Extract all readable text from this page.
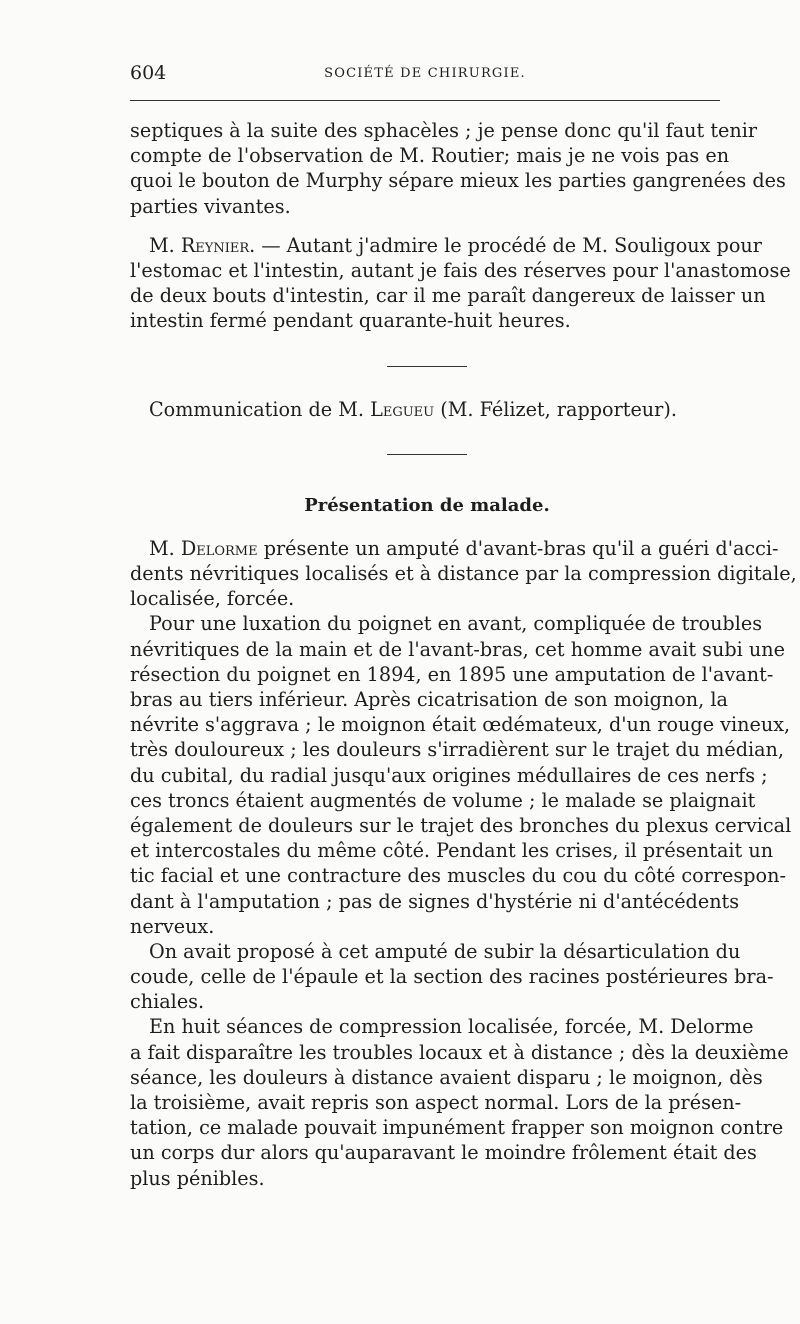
604	SOCIÉTÉ DE CHIRURGIE.
septiques à la suite des sphacèles ; je pense donc qu'il faut tenir
compte de l'observation de M. Routier; mais je ne vois pas en
quoi le bouton de Murphy sépare mieux les parties gangrenées des
parties vivantes.
M. Reynier. — Autant j'admire le procédé de M. Souligoux pour
l'estomac et l'intestin, autant je fais des réserves pour l'anastomose
de deux bouts d'intestin, car il me paraît dangereux de laisser un
intestin fermé pendant quarante-huit heures.
Communication de M. Legueu (M. Félizet, rapporteur).
Présentation de malade.
M. Delorme présente un amputé d'avant-bras qu'il a guéri d'acci-
dents névritiques localisés et à distance par la compression digitale,
localisée, forcée.
Pour une luxation du poignet en avant, compliquée de troubles
névritiques de la main et de l'avant-bras, cet homme avait subi une
résection du poignet en 1894, en 1895 une amputation de l'avant-
bras au tiers inférieur. Après cicatrisation de son moignon, la
névrite s'aggrava ; le moignon était œdémateux, d'un rouge vineux,
très douloureux ; les douleurs s'irradièrent sur le trajet du médian,
du cubital, du radial jusqu'aux origines médullaires de ces nerfs ;
ces troncs étaient augmentés de volume ; le malade se plaignait
également de douleurs sur le trajet des bronches du plexus cervical
et intercostales du même côté. Pendant les crises, il présentait un
tic facial et une contracture des muscles du cou du côté correspon-
dant à l'amputation ; pas de signes d'hystérie ni d'antécédents
nerveux.
On avait proposé à cet amputé de subir la désarticulation du
coude, celle de l'épaule et la section des racines postérieures bra-
chiales.
En huit séances de compression localisée, forcée, M. Delorme
a fait disparaître les troubles locaux et à distance ; dès la deuxième
séance, les douleurs à distance avaient disparu ; le moignon, dès
la troisième, avait repris son aspect normal. Lors de la présen-
tation, ce malade pouvait impunément frapper son moignon contre
un corps dur alors qu'auparavant le moindre frôlement était des
plus pénibles.
